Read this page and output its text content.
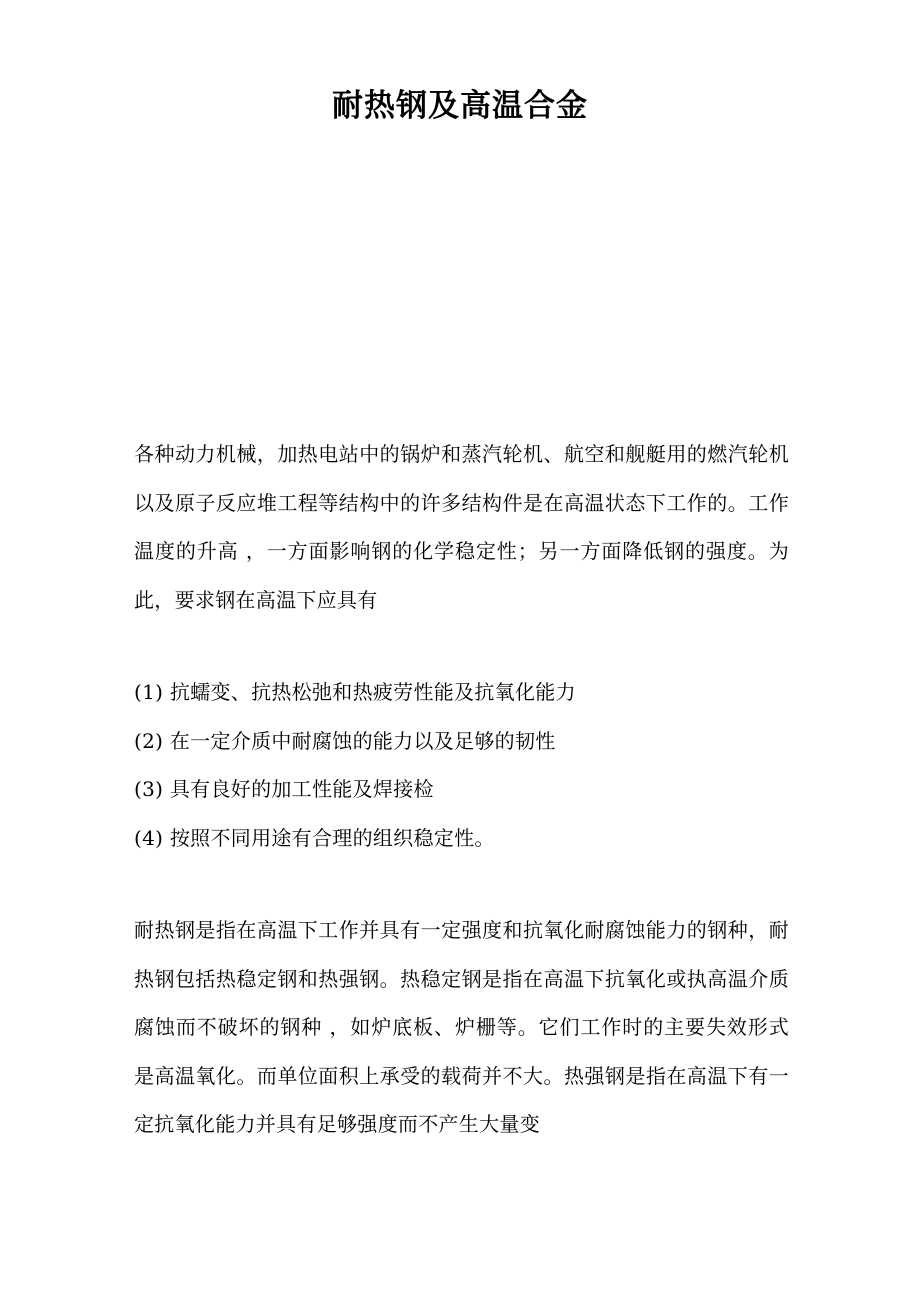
耐热钢及高温合金

各种动力机械，加热电站中的锅炉和蒸汽轮机、航空和舰艇用的燃汽轮机以及原子反应堆工程等结构中的许多结构件是在高温状态下工作的。工作温度的升高 ，一方面影响钢的化学稳定性；另一方面降低钢的强度。为此，要求钢在高温下应具有

(1) 抗蠕变、抗热松弛和热疲劳性能及抗氧化能力
(2) 在一定介质中耐腐蚀的能力以及足够的韧性
(3) 具有良好的加工性能及焊接检
(4) 按照不同用途有合理的组织稳定性。

耐热钢是指在高温下工作并具有一定强度和抗氧化耐腐蚀能力的钢种，耐热钢包括热稳定钢和热强钢。热稳定钢是指在高温下抗氧化或执高温介质腐蚀而不破坏的钢种 ，如炉底板、炉栅等。它们工作时的主要失效形式是高温氧化。而单位面积上承受的载荷并不大。热强钢是指在高温下有一定抗氧化能力并具有足够强度而不产生大量变
